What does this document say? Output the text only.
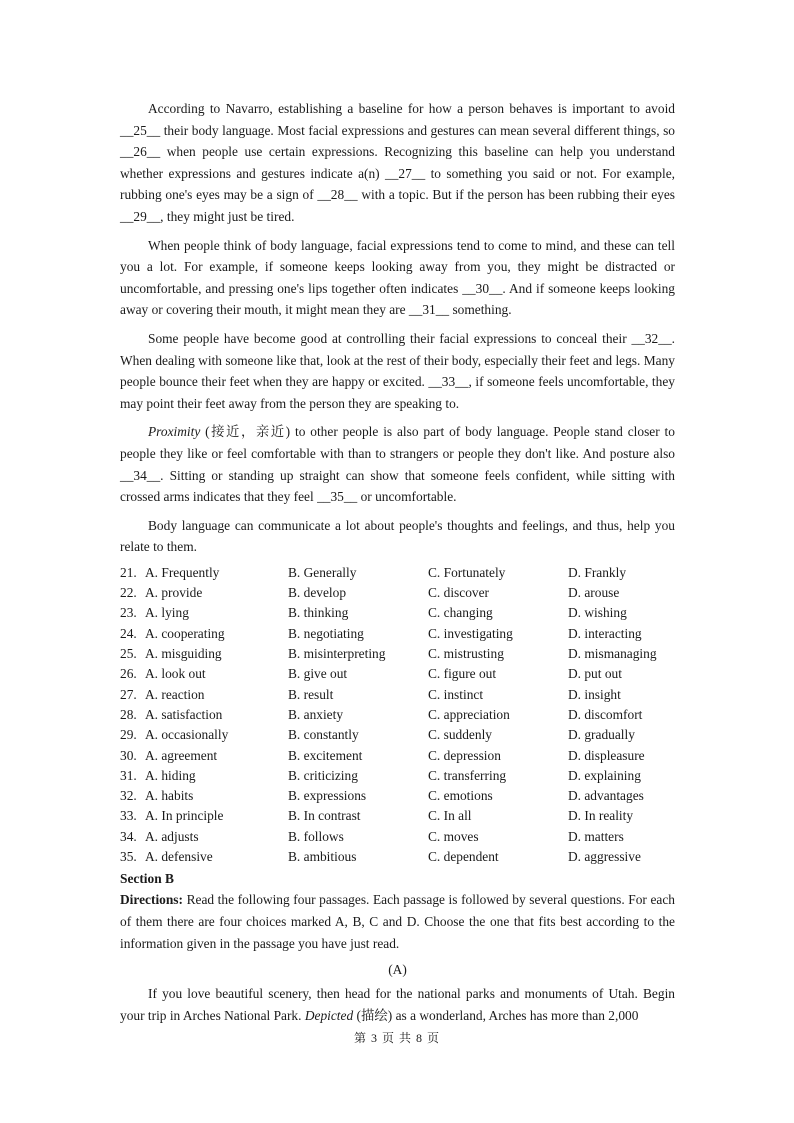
According to Navarro, establishing a baseline for how a person behaves is important to avoid __25__ their body language. Most facial expressions and gestures can mean several different things, so __26__ when people use certain expressions. Recognizing this baseline can help you understand whether expressions and gestures indicate a(n) __27__ to something you said or not. For example, rubbing one's eyes may be a sign of __28__ with a topic. But if the person has been rubbing their eyes __29__, they might just be tired.

When people think of body language, facial expressions tend to come to mind, and these can tell you a lot. For example, if someone keeps looking away from you, they might be distracted or uncomfortable, and pressing one's lips together often indicates __30__. And if someone keeps looking away or covering their mouth, it might mean they are __31__ something.

Some people have become good at controlling their facial expressions to conceal their __32__. When dealing with someone like that, look at the rest of their body, especially their feet and legs. Many people bounce their feet when they are happy or excited. __33__, if someone feels uncomfortable, they may point their feet away from the person they are speaking to.

Proximity (接近，亲近) to other people is also part of body language. People stand closer to people they like or feel comfortable with than to strangers or people they don't like. And posture also __34__. Sitting or standing up straight can show that someone feels confident, while sitting with crossed arms indicates that they feel __35__ or uncomfortable.

Body language can communicate a lot about people's thoughts and feelings, and thus, help you relate to them.

21.	A. Frequently	B. Generally	C. Fortunately	D. Frankly
22.	A. provide	B. develop	C. discover	D. arouse
23.	A. lying	B. thinking	C. changing	D. wishing
24.	A. cooperating	B. negotiating	C. investigating	D. interacting
25.	A. misguiding	B. misinterpreting	C. mistrusting	D. mismanaging
26.	A. look out	B. give out	C. figure out	D. put out
27.	A. reaction	B. result	C. instinct	D. insight
28.	A. satisfaction	B. anxiety	C. appreciation	D. discomfort
29.	A. occasionally	B. constantly	C. suddenly	D. gradually
30.	A. agreement	B. excitement	C. depression	D. displeasure
31.	A. hiding	B. criticizing	C. transferring	D. explaining
32.	A. habits	B. expressions	C. emotions	D. advantages
33.	A. In principle	B. In contrast	C. In all	D. In reality
34.	A. adjusts	B. follows	C. moves	D. matters
35.	A. defensive	B. ambitious	C. dependent	D. aggressive
Section B

Directions: Read the following four passages. Each passage is followed by several questions. For each of them there are four choices marked A, B, C and D. Choose the one that fits best according to the information given in the passage you have just read.

(A)

If you love beautiful scenery, then head for the national parks and monuments of Utah. Begin your trip in Arches National Park. Depicted (描绘) as a wonderland, Arches has more than 2,000

第 3 页 共 8 页
